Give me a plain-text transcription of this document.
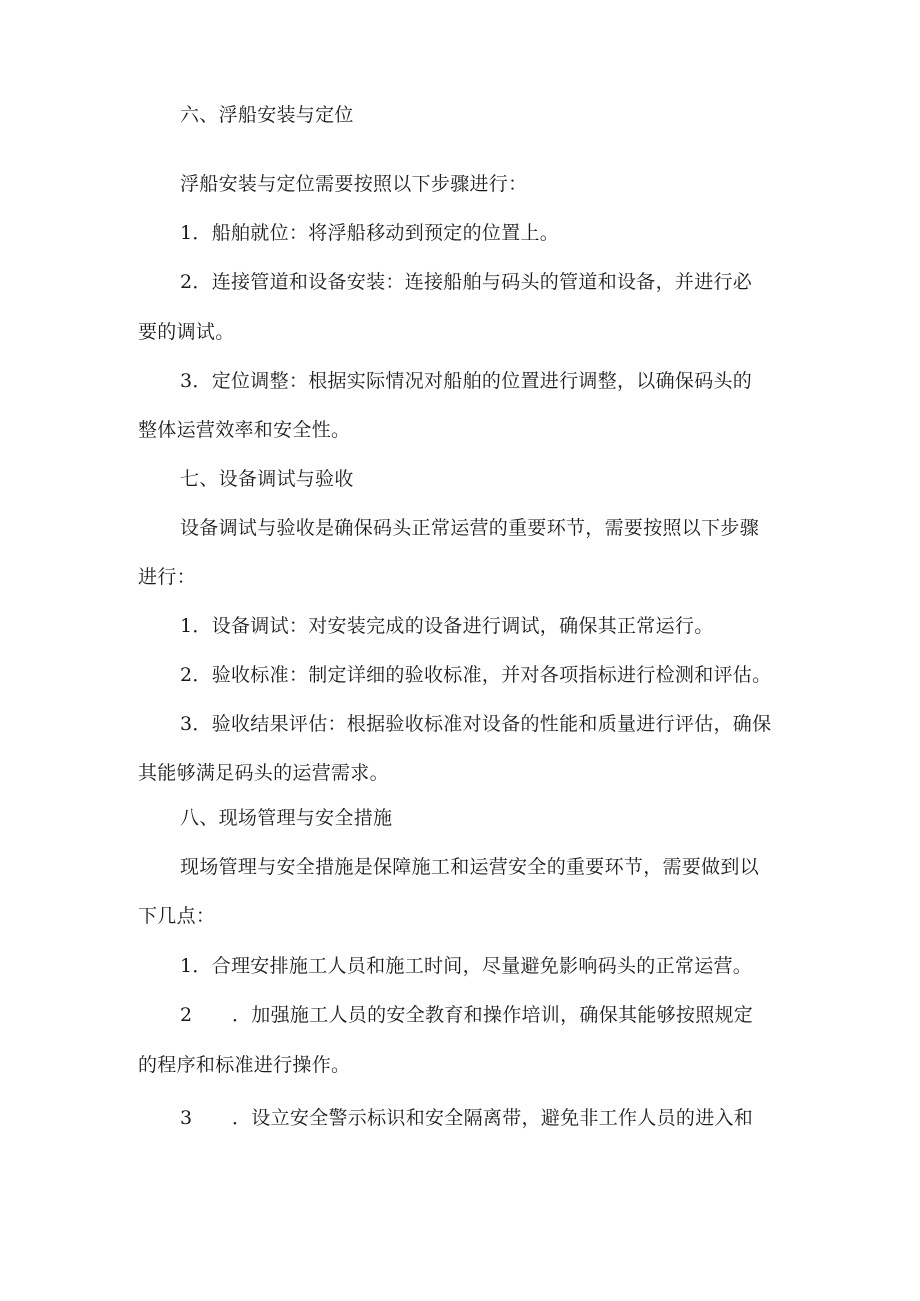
六、浮船安装与定位

浮船安装与定位需要按照以下步骤进行：

1．船舶就位：将浮船移动到预定的位置上。

2．连接管道和设备安装：连接船舶与码头的管道和设备，并进行必

要的调试。

3．定位调整：根据实际情况对船舶的位置进行调整，以确保码头的

整体运营效率和安全性。

七、设备调试与验收

设备调试与验收是确保码头正常运营的重要环节，需要按照以下步骤

进行：

1．设备调试：对安装完成的设备进行调试，确保其正常运行。

2．验收标准：制定详细的验收标准，并对各项指标进行检测和评估。

3．验收结果评估：根据验收标准对设备的性能和质量进行评估，确保

其能够满足码头的运营需求。

八、现场管理与安全措施

现场管理与安全措施是保障施工和运营安全的重要环节，需要做到以

下几点：

1．合理安排施工人员和施工时间，尽量避免影响码头的正常运营。

2 ．加强施工人员的安全教育和操作培训，确保其能够按照规定

的程序和标准进行操作。

3 ．设立安全警示标识和安全隔离带，避免非工作人员的进入和
